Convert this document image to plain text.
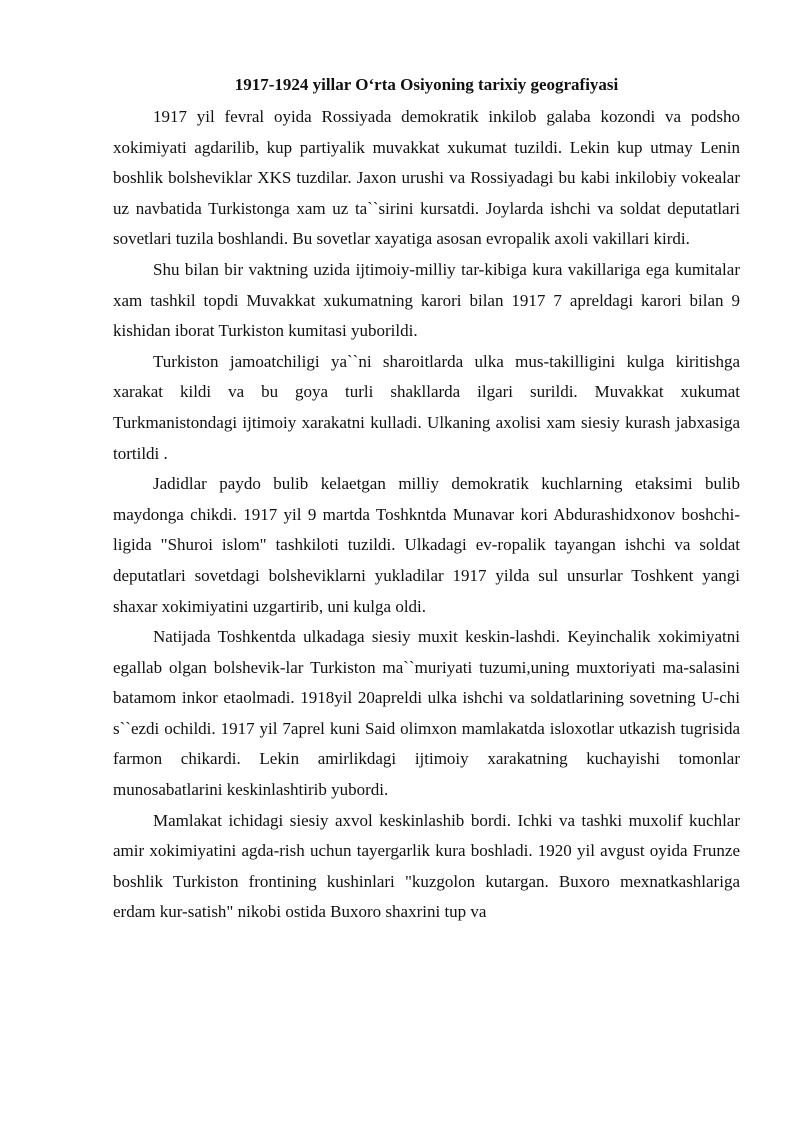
1917-1924 yillar O‘rta Osiyoning tarixiy geografiyasi

1917 yil fevral oyida Rossiyada demokratik inkilob galaba kozondi va podsho xokimiyati agdarilib, kup partiyalik muvakkat xukumat tuzildi. Lekin kup utmay Lenin boshlik bolsheviklar XKS tuzdilar. Jaxon urushi va Rossiyadagi bu kabi inkilobiy vokealar uz navbatida Turkistonga xam uz ta``sirini kursatdi. Joylarda ishchi va soldat deputatlari sovetlari tuzila boshlandi. Bu sovetlar xayatiga asosan evropalik axoli vakillari kirdi.

Shu bilan bir vaktning uzida ijtimoiy-milliy tar-kibiga kura vakillariga ega kumitalar xam tashkil topdi Muvakkat xukumatning karori bilan 1917 7 apreldagi karori bilan 9 kishidan iborat Turkiston kumitasi yuborildi.

Turkiston jamoatchiligi ya``ni sharoitlarda ulka mus-takilligini kulga kiritishga xarakat kildi va bu goya turli shakllarda ilgari surildi. Muvakkat xukumat Turkmanistondagi ijtimoiy xarakatni kulladi. Ulkaning axolisi xam siesiy kurash jabxasiga tortildi .

Jadidlar paydo bulib kelaetgan milliy demokratik kuchlarning etaksimi bulib maydonga chikdi. 1917 yil 9 martda Toshkntda Munavar kori Abdurashidxonov boshchi-ligida "Shuroi islom" tashkiloti tuzildi. Ulkadagi ev-ropalik tayangan ishchi va soldat deputatlari sovetdagi bolsheviklarni yukladilar 1917 yilda sul unsurlar Toshkent yangi shaxar xokimiyatini uzgartirib, uni kulga oldi.

Natijada Toshkentda ulkadaga siesiy muxit keskin-lashdi. Keyinchalik xokimiyatni egallab olgan bolshevik-lar Turkiston ma``muriyati tuzumi,uning muxtoriyati ma-salasini batamom inkor etaolmadi. 1918yil 20apreldi ulka ishchi va soldatlarining sovetning U-chi s``ezdi ochildi. 1917 yil 7aprel kuni Said olimxon mamlakatda isloxotlar utkazish tugrisida farmon chikardi. Lekin amirlikdagi ijtimoiy xarakatning kuchayishi tomonlar munosabatlarini keskinlashtirib yubordi.

Mamlakat ichidagi siesiy axvol keskinlashib bordi. Ichki va tashki muxolif kuchlar amir xokimiyatini agda-rish uchun tayergarlik kura boshladi. 1920 yil avgust oyida Frunze boshlik Turkiston frontining kushinlari "kuzgolon kutargan. Buxoro mexnatkashlariga erdam kur-satish" nikobi ostida Buxoro shaxrini tup va
